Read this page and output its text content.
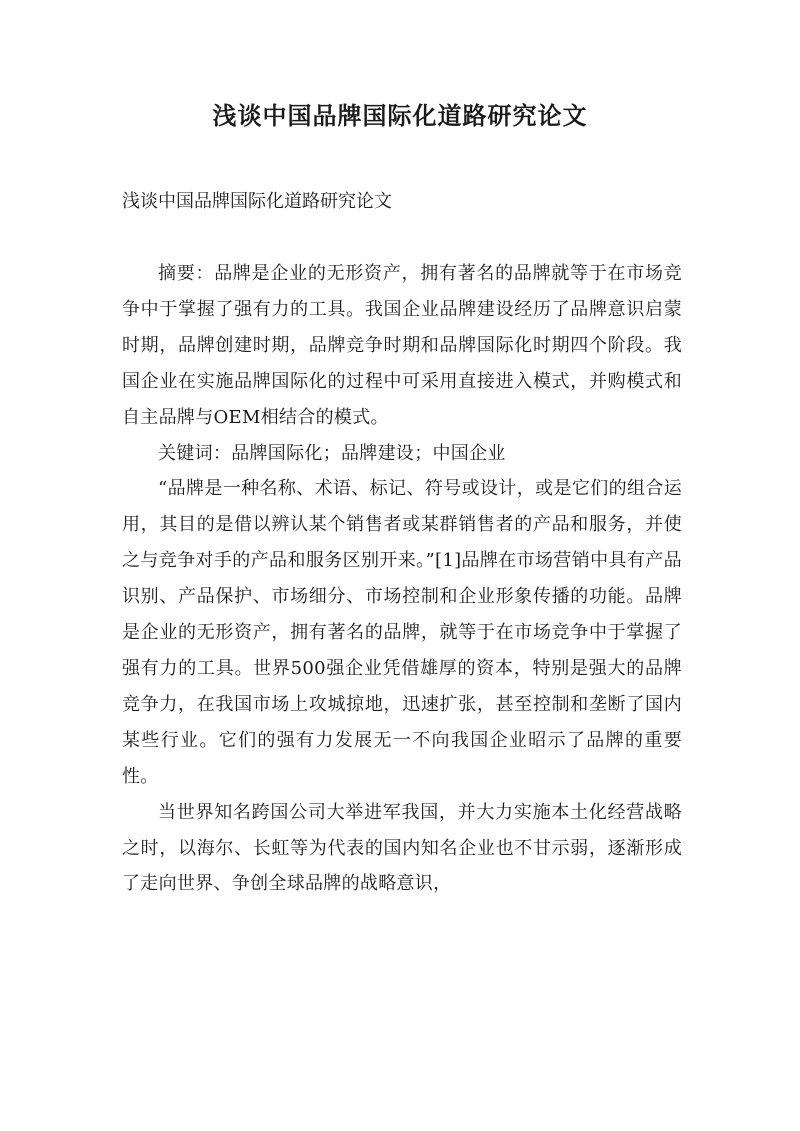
浅谈中国品牌国际化道路研究论文

浅谈中国品牌国际化道路研究论文

摘要：品牌是企业的无形资产，拥有著名的品牌就等于在市场竞争中于掌握了强有力的工具。我国企业品牌建设经历了品牌意识启蒙时期，品牌创建时期，品牌竞争时期和品牌国际化时期四个阶段。我国企业在实施品牌国际化的过程中可采用直接进入模式，并购模式和自主品牌与OEM相结合的模式。

关键词：品牌国际化；品牌建设；中国企业

“品牌是一种名称、术语、标记、符号或设计，或是它们的组合运用，其目的是借以辨认某个销售者或某群销售者的产品和服务，并使之与竞争对手的产品和服务区别开来。”[1]品牌在市场营销中具有产品识别、产品保护、市场细分、市场控制和企业形象传播的功能。品牌是企业的无形资产，拥有著名的品牌，就等于在市场竞争中于掌握了强有力的工具。世界500强企业凭借雄厚的资本，特别是强大的品牌竞争力，在我国市场上攻城掠地，迅速扩张，甚至控制和垄断了国内某些行业。它们的强有力发展无一不向我国企业昭示了品牌的重要性。

当世界知名跨国公司大举进军我国，并大力实施本土化经营战略之时，以海尔、长虹等为代表的国内知名企业也不甘示弱，逐渐形成了走向世界、争创全球品牌的战略意识，
